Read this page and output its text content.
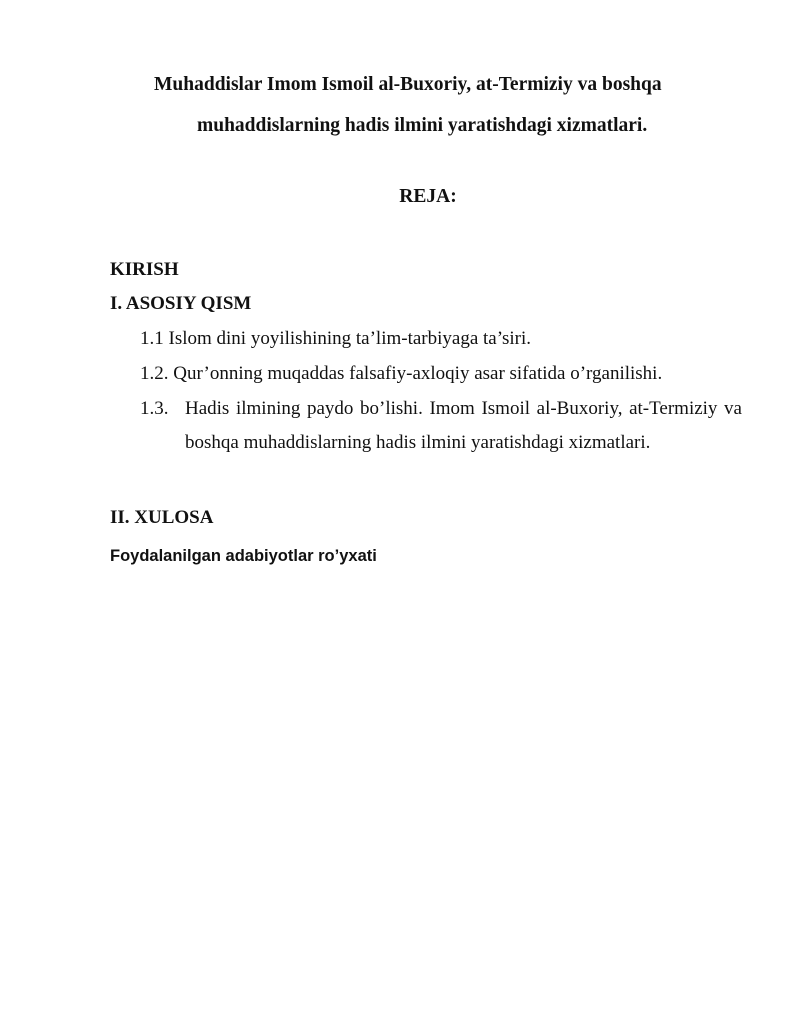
Muhaddislar Imom Ismoil al-Buxoriy, at-Termiziy va boshqa
muhaddislarning hadis ilmini yaratishdagi xizmatlari.
REJA:
KIRISH
I. ASOSIY QISM
1.1 Islom dini yoyilishining ta’lim-tarbiyaga ta’siri.
1.2. Qur’onning muqaddas falsafiy-axloqiy asar sifatida o’rganilishi.
1.3. Hadis ilmining paydo bo’lishi. Imom Ismoil al-Buxoriy, at-Termiziy va boshqa muhaddislarning hadis ilmini yaratishdagi xizmatlari.
II. XULOSA
Foydalanilgan adabiyotlar ro’yxati
